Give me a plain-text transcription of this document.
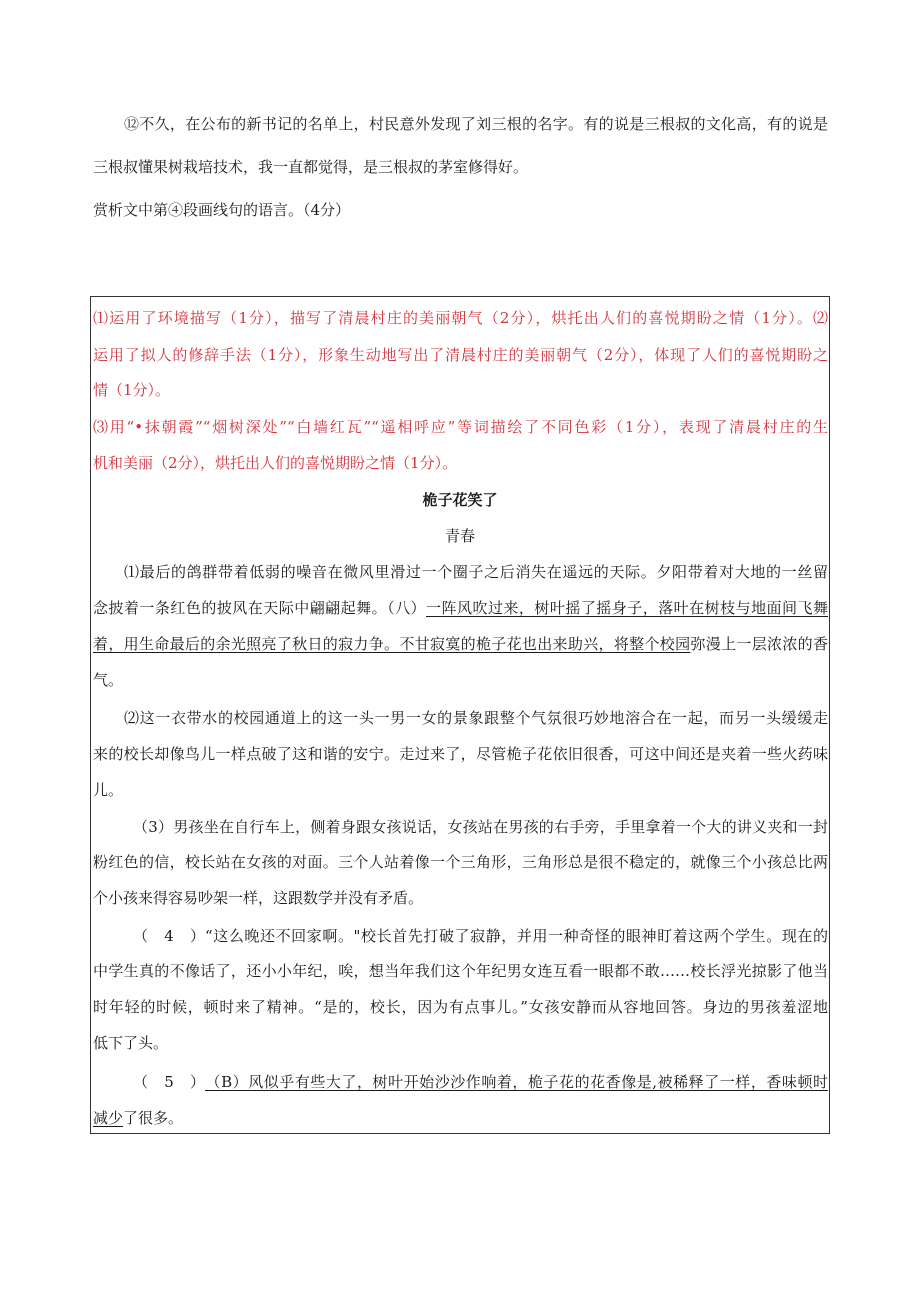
⑫不久，在公布的新书记的名单上，村民意外发现了刘三根的名字。有的说是三根叔的文化高，有的说是
三根叔懂果树栽培技术，我一直都觉得，是三根叔的茅室修得好。
赏析文中第④段画线句的语言。（4分）
⑴运用了环境描写（1分），描写了清晨村庄的美丽朝气（2分），烘托出人们的喜悦期盼之情（1分）。⑵
运用了拟人的修辞手法（1分），形象生动地写出了清晨村庄的美丽朝气（2分），体现了人们的喜悦期盼之
情（1分）。
⑶用“•抹朝霞”“烟树深处”“白墙红瓦”“遥相呼应”等词描绘了不同色彩（1分），表现了清晨村庄的生
机和美丽（2分），烘托出人们的喜悦期盼之情（1分）。
桅子花笑了
青春
⑴最后的鸽群带着低弱的噪音在微风里滑过一个圈子之后消失在遥远的天际。夕阳带着对大地的一丝留
念披着一条红色的披风在天际中翩翩起舞。（八）一阵风吹过来，树叶摇了摇身子，落叶在树枝与地面间飞舞
着，用生命最后的余光照亮了秋日的寂力争。不甘寂寞的桅子花也出来助兴，将整个校园弥漫上一层浓浓的香
气。
⑵这一衣带水的校园通道上的这一头一男一女的景象跟整个气氛很巧妙地溶合在一起，而另一头缓缓走
来的校长却像鸟儿一样点破了这和谐的安宁。走过来了，尽管桅子花依旧很香，可这中间还是夹着一些火药味
儿。
（3）男孩坐在自行车上，侧着身跟女孩说话，女孩站在男孩的右手旁，手里拿着一个大的讲义夹和一封
粉红色的信，校长站在女孩的对面。三个人站着像一个三角形，三角形总是很不稳定的，就像三个小孩总比两
个小孩来得容易吵架一样，这跟数学并没有矛盾。
（4）“这么晚还不回家啊。"校长首先打破了寂静，并用一种奇怪的眼神盯着这两个学生。现在的
中学生真的不像话了，还小小年纪，唉，想当年我们这个年纪男女连互看一眼都不敢……校长浮光掠影了他当
时年轻的时候，顿时来了精神。“是的，校长，因为有点事儿。”女孩安静而从容地回答。身边的男孩羞涩地
低下了头。
（5）（B）风似乎有些大了，树叶开始沙沙作响着，桅子花的花香像是,被稀释了一样，香味顿时
减少了很多。
